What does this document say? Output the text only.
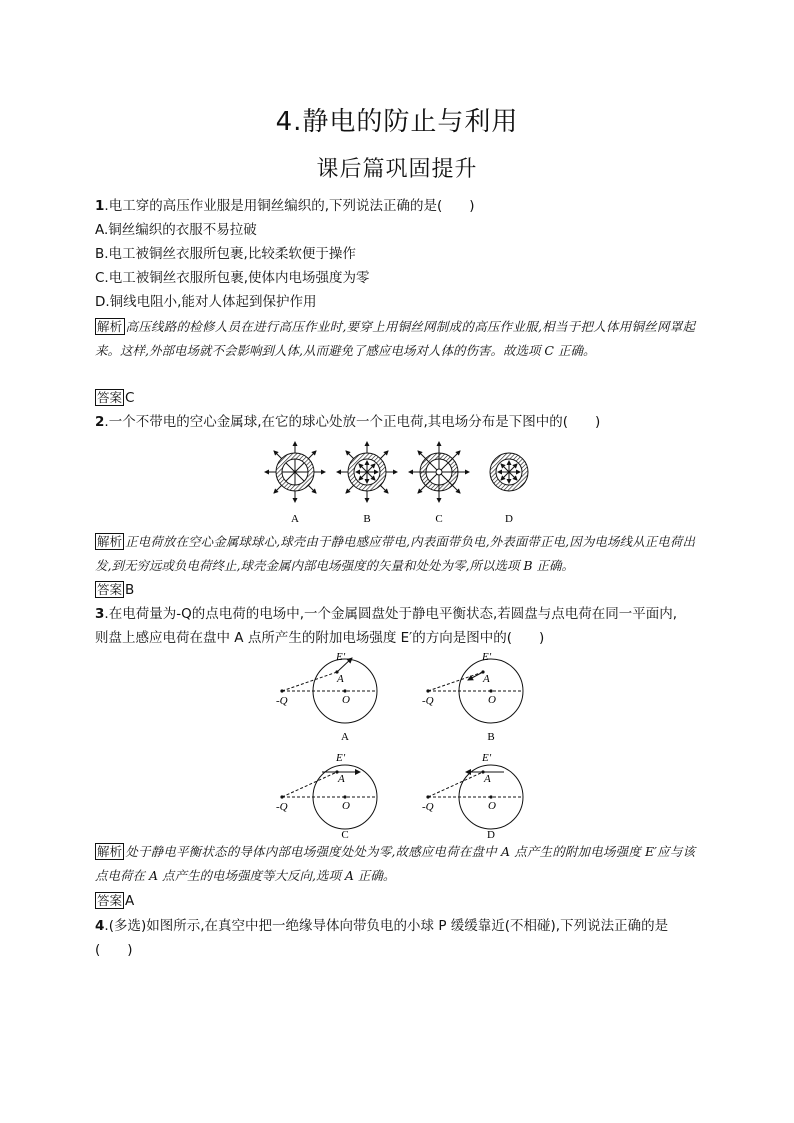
4.静电的防止与利用
课后篇巩固提升
1.电工穿的高压作业服是用铜丝编织的,下列说法正确的是(　　)
A.铜丝编织的衣服不易拉破
B.电工被铜丝衣服所包裹,比较柔软便于操作
C.电工被铜丝衣服所包裹,使体内电场强度为零
D.铜线电阻小,能对人体起到保护作用
解析 高压线路的检修人员在进行高压作业时,要穿上用铜丝网制成的高压作业服,相当于把人体用铜丝网罩起来。这样,外部电场就不会影响到人体,从而避免了感应电场对人体的伤害。故选项 C 正确。
答案 C
2.一个不带电的空心金属球,在它的球心处放一个正电荷,其电场分布是下图中的(　　)
A	B	C	D
解析 正电荷放在空心金属球球心,球壳由于静电感应带电,内表面带负电,外表面带正电,因为电场线从正电荷出发,到无穷远或负电荷终止,球壳金属内部电场强度的矢量和处处为零,所以选项 B 正确。
答案 B
3.在电荷量为-Q的点电荷的电场中,一个金属圆盘处于静电平衡状态,若圆盘与点电荷在同一平面内,
则盘上感应电荷在盘中 A 点所产生的附加电场强度 E′的方向是图中的(　　)
-Q	O
A
E′
-Q	O
A
E′
-Q	O
A
E′
-Q	O
A
E′
A	B
C	D
解析 处于静电平衡状态的导体内部电场强度处处为零,故感应电荷在盘中 A 点产生的附加电场强度 E′应与该点电荷在 A 点产生的电场强度等大反向,选项 A 正确。
答案 A
4.(多选)如图所示,在真空中把一绝缘导体向带负电的小球 P 缓缓靠近(不相碰),下列说法正确的是
(　　)
